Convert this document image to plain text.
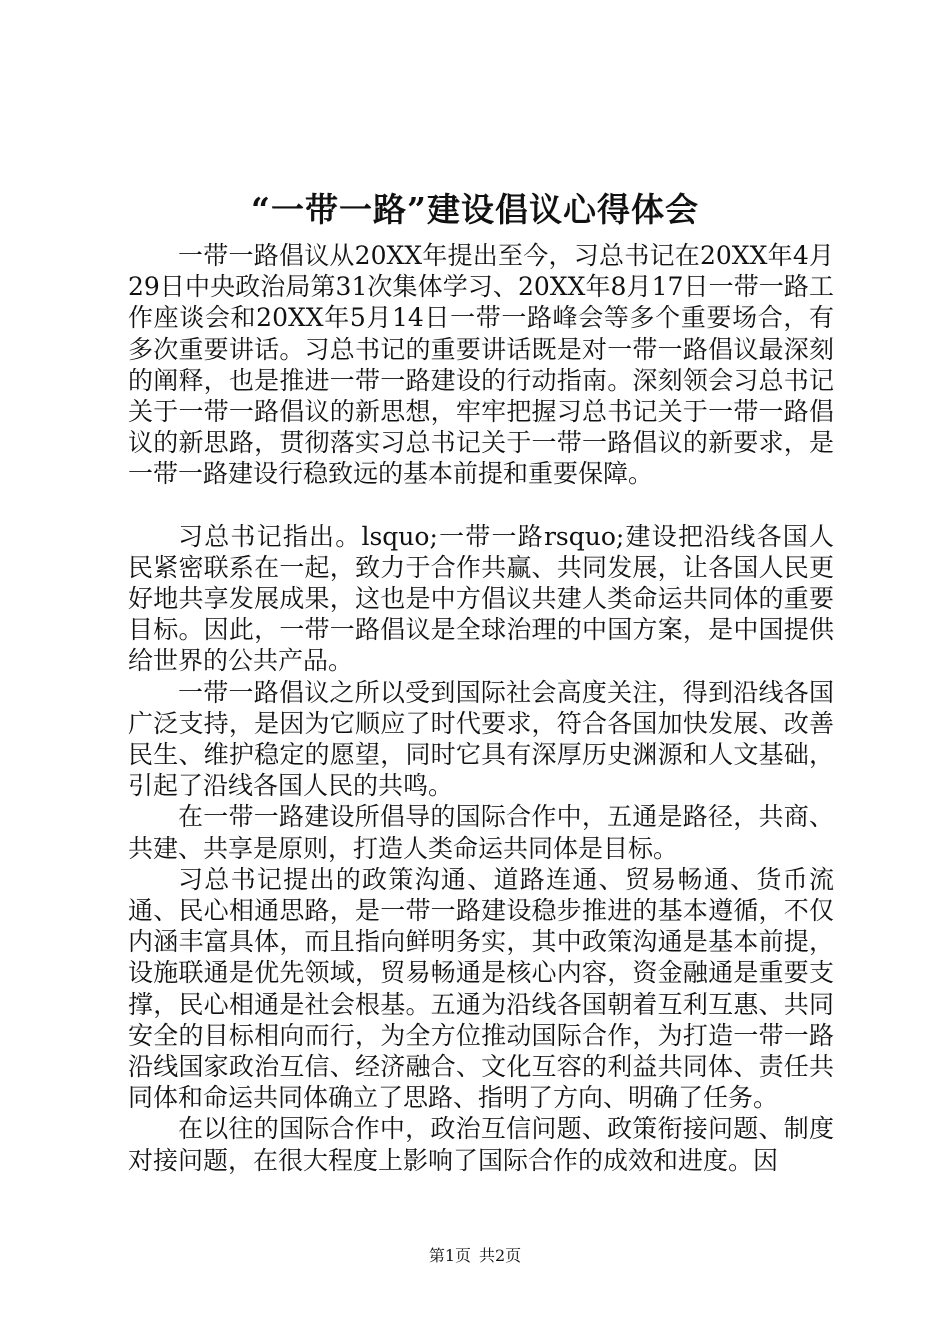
“一带一路”建设倡议心得体会

一带一路倡议从20XX年提出至今，习总书记在20XX年4月29日中央政治局第31次集体学习、20XX年8月17日一带一路工作座谈会和20XX年5月14日一带一路峰会等多个重要场合，有多次重要讲话。习总书记的重要讲话既是对一带一路倡议最深刻的阐释，也是推进一带一路建设的行动指南。深刻领会习总书记关于一带一路倡议的新思想，牢牢把握习总书记关于一带一路倡议的新思路，贯彻落实习总书记关于一带一路倡议的新要求，是一带一路建设行稳致远的基本前提和重要保障。

习总书记指出。lsquo;一带一路rsquo;建设把沿线各国人民紧密联系在一起，致力于合作共赢、共同发展，让各国人民更好地共享发展成果，这也是中方倡议共建人类命运共同体的重要目标。因此，一带一路倡议是全球治理的中国方案，是中国提供给世界的公共产品。

一带一路倡议之所以受到国际社会高度关注，得到沿线各国广泛支持，是因为它顺应了时代要求，符合各国加快发展、改善民生、维护稳定的愿望，同时它具有深厚历史渊源和人文基础，引起了沿线各国人民的共鸣。

在一带一路建设所倡导的国际合作中，五通是路径，共商、共建、共享是原则，打造人类命运共同体是目标。

习总书记提出的政策沟通、道路连通、贸易畅通、货币流通、民心相通思路，是一带一路建设稳步推进的基本遵循，不仅内涵丰富具体，而且指向鲜明务实，其中政策沟通是基本前提，设施联通是优先领域，贸易畅通是核心内容，资金融通是重要支撑，民心相通是社会根基。五通为沿线各国朝着互利互惠、共同安全的目标相向而行，为全方位推动国际合作，为打造一带一路沿线国家政治互信、经济融合、文化互容的利益共同体、责任共同体和命运共同体确立了思路、指明了方向、明确了任务。

在以往的国际合作中，政治互信问题、政策衔接问题、制度对接问题，在很大程度上影响了国际合作的成效和进度。因

第1页 共2页
